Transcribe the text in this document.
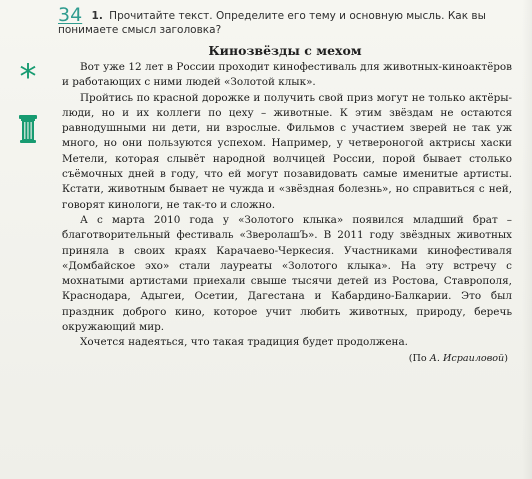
*
34 1. Прочитайте текст. Определите его тему и основную мысль. Как вы понимаете смысл заголовка?
Кинозвёзды с мехом

Вот уже 12 лет в России проходит кинофестиваль для животных-киноактёров и работающих с ними людей «Золотой клык».

Пройтись по красной дорожке и получить свой приз могут не только актёры-люди, но и их коллеги по цеху – животные. К этим звёздам не остаются равнодушными ни дети, ни взрослые. Фильмов с участием зверей не так уж много, но они пользуются успехом. Например, у четвероногой актрисы хаски Метели, которая слывёт народной волчицей России, порой бывает столько съёмочных дней в году, что ей могут позавидовать самые именитые артисты. Кстати, животным бывает не чужда и «звёздная болезнь», но справиться с ней, говорят кинологи, не так-то и сложно.

А с марта 2010 года у «Золотого клыка» появился младший брат – благотворительный фестиваль «ЗверолашЪ». В 2011 году звёздных животных приняла в своих краях Карачаево-Черкесия. Участниками кинофестиваля «Домбайское эхо» стали лауреаты «Золотого клыка». На эту встречу с мохнатыми артистами приехали свыше тысячи детей из Ростова, Ставрополя, Краснодара, Адыгеи, Осетии, Дагестана и Кабардино-Балкарии. Это был праздник доброго кино, которое учит любить животных, природу, беречь окружающий мир.

Хочется надеяться, что такая традиция будет продолжена.

(По А. Исраиловой)
